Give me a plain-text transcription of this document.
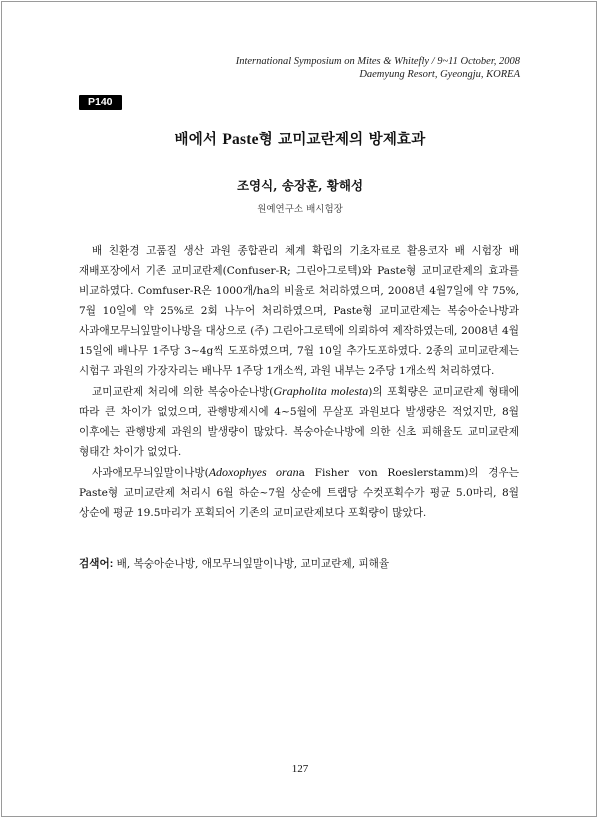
International Symposium on Mites & Whitefly / 9~11 October, 2008
Daemyung Resort, Gyeongju, KOREA
P140
배에서 Paste형 교미교란제의 방제효과
조영식, 송장훈, 황해성
원예연구소 배시험장

배 친환경 고품질 생산 과원 종합관리 체계 확립의 기초자료로 활용코자 배 시험장 배 재배포장에서 기존 교미교란제(Confuser-R; 그린아그로텍)와 Paste형 교미교란제의 효과를 비교하였다. Comfuser-R은 1000개/ha의 비율로 처리하였으며, 2008년 4월7일에 약 75%, 7월 10일에 약 25%로 2회 나누어 처리하였으며, Paste형 교미교란제는 복숭아순나방과 사과애모무늬잎말이나방을 대상으로 (주) 그린아그로텍에 의뢰하여 제작하였는데, 2008년 4월 15일에 배나무 1주당 3~4g씩 도포하였으며, 7월 10일 추가도포하였다. 2종의 교미교란제는 시험구 과원의 가장자리는 배나무 1주당 1개소씩, 과원 내부는 2주당 1개소씩 처리하였다.

교미교란제 처리에 의한 복숭아순나방(Grapholita molesta)의 포획량은 교미교란제 형태에 따라 큰 차이가 없었으며, 관행방제시에 4~5월에 무살포 과원보다 발생량은 적었지만, 8월 이후에는 관행방제 과원의 발생량이 많았다. 복숭아순나방에 의한 신초 피해율도 교미교란제 형태간 차이가 없었다.

사과애모무늬잎말이나방(Adoxophyes orana Fisher von Roeslerstamm)의 경우는 Paste형 교미교란제 처리시 6월 하순~7월 상순에 트랩당 수컷포획수가 평균 5.0마리, 8월 상순에 평균 19.5마리가 포획되어 기존의 교미교란제보다 포획량이 많았다.

검색어: 배, 복숭아순나방, 애모무늬잎말이나방, 교미교란제, 피해율
127
